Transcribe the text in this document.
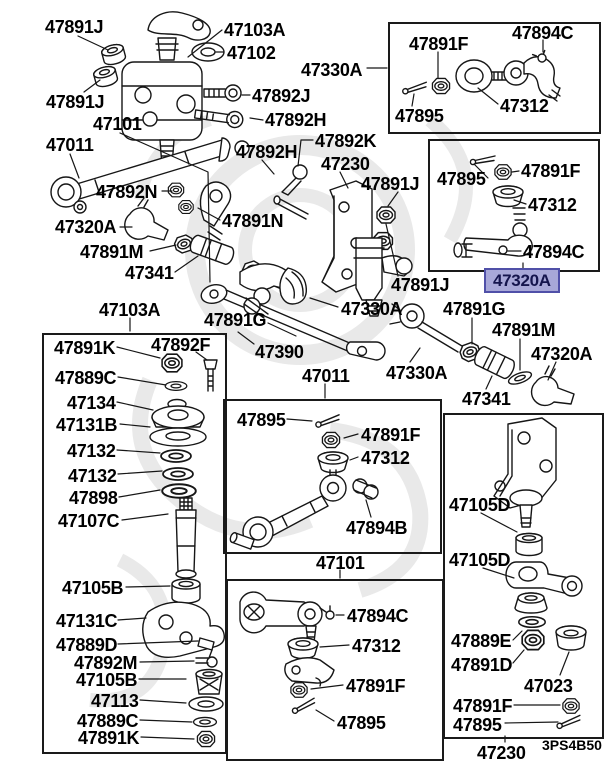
47891J	47103A
47102
47891J
47101
47011
47892J
47892H
47330A
47891F
47894C
47895	47312
47892K
47230
47892H
47891J
47892N
47891N
47320A
47891M
47341
47895 47891F
47312
47894C
47891J	47320A
47330A 47891G
47103A 47891G	47891M
47320A
47390
47330A
47011
47341
47891K 47892F
47889C
47134
47131B
47132
47132
47898
47107C
47105B
47131C
47889D
47892M
47105B
47113
47889C
47891K
47895
47891F
47312
47894B
47101
47894C
47312
47891F
47895
47105D
47105D
47889E
47891D
47023
47891F
47895
47230 3PS4B50
